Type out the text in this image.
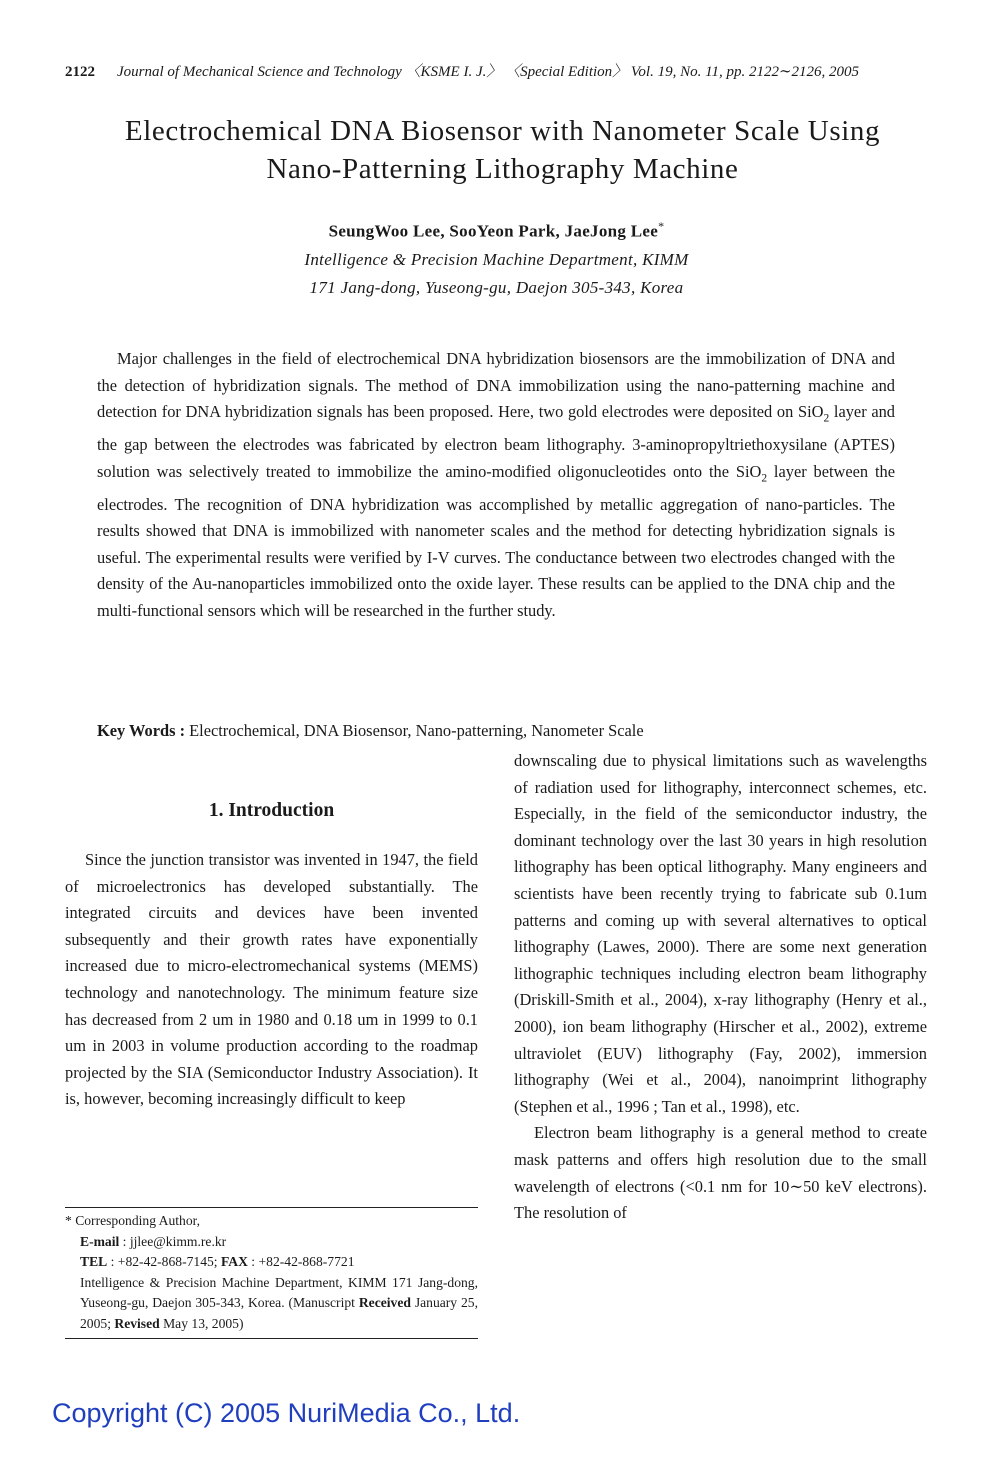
2122 Journal of Mechanical Science and Technology 〈KSME I. J.〉 〈Special Edition〉 Vol. 19, No. 11, pp. 2122∼2126, 2005
Electrochemical DNA Biosensor with Nanometer Scale Using
Nano-Patterning Lithography Machine
SeungWoo Lee, SooYeon Park, JaeJong Lee*
Intelligence & Precision Machine Department, KIMM
171 Jang-dong, Yuseong-gu, Daejon 305-343, Korea
Major challenges in the field of electrochemical DNA hybridization biosensors are the immobilization of DNA and the detection of hybridization signals. The method of DNA immobilization using the nano-patterning machine and detection for DNA hybridization signals has been proposed. Here, two gold electrodes were deposited on SiO$_2$ layer and the gap between the electrodes was fabricated by electron beam lithography. 3-aminopropyltriethoxysilane (APTES) solution was selectively treated to immobilize the amino-modified oligonucleotides onto the SiO$_2$ layer between the electrodes. The recognition of DNA hybridization was accomplished by metallic aggregation of nano-particles. The results showed that DNA is immobilized with nanometer scales and the method for detecting hybridization signals is useful. The experimental results were verified by I-V curves. The conductance between two electrodes changed with the density of the Au-nanoparticles immobilized onto the oxide layer. These results can be applied to the DNA chip and the multi-functional sensors which will be researched in the further study.
Key Words : Electrochemical, DNA Biosensor, Nano-patterning, Nanometer Scale
1. Introduction

Since the junction transistor was invented in 1947, the field of microelectronics has developed substantially. The integrated circuits and devices have been invented subsequently and their growth rates have exponentially increased due to micro-electromechanical systems (MEMS) technology and nanotechnology. The minimum feature size has decreased from 2 um in 1980 and 0.18 um in 1999 to 0.1 um in 2003 in volume production according to the roadmap projected by the SIA (Semiconductor Industry Association). It is, however, becoming increasingly difficult to keep

* Corresponding Author,
E-mail : jjlee@kimm.re.kr
TEL : +82-42-868-7145; FAX : +82-42-868-7721
Intelligence & Precision Machine Department, KIMM 171 Jang-dong, Yuseong-gu, Daejon 305-343, Korea. (Manuscript Received January 25, 2005; Revised May 13, 2005)

downscaling due to physical limitations such as wavelengths of radiation used for lithography, interconnect schemes, etc. Especially, in the field of the semiconductor industry, the dominant technology over the last 30 years in high resolution lithography has been optical lithography. Many engineers and scientists have been recently trying to fabricate sub 0.1um patterns and coming up with several alternatives to optical lithography (Lawes, 2000). There are some next generation lithographic techniques including electron beam lithography (Driskill-Smith et al., 2004), x-ray lithography (Henry et al., 2000), ion beam lithography (Hirscher et al., 2002), extreme ultraviolet (EUV) lithography (Fay, 2002), immersion lithography (Wei et al., 2004), nanoimprint lithography (Stephen et al., 1996 ; Tan et al., 1998), etc.

Electron beam lithography is a general method to create mask patterns and offers high resolution due to the small wavelength of electrons (<0.1 nm for 10∼50 keV electrons). The resolution of

Copyright (C) 2005 NuriMedia Co., Ltd.
